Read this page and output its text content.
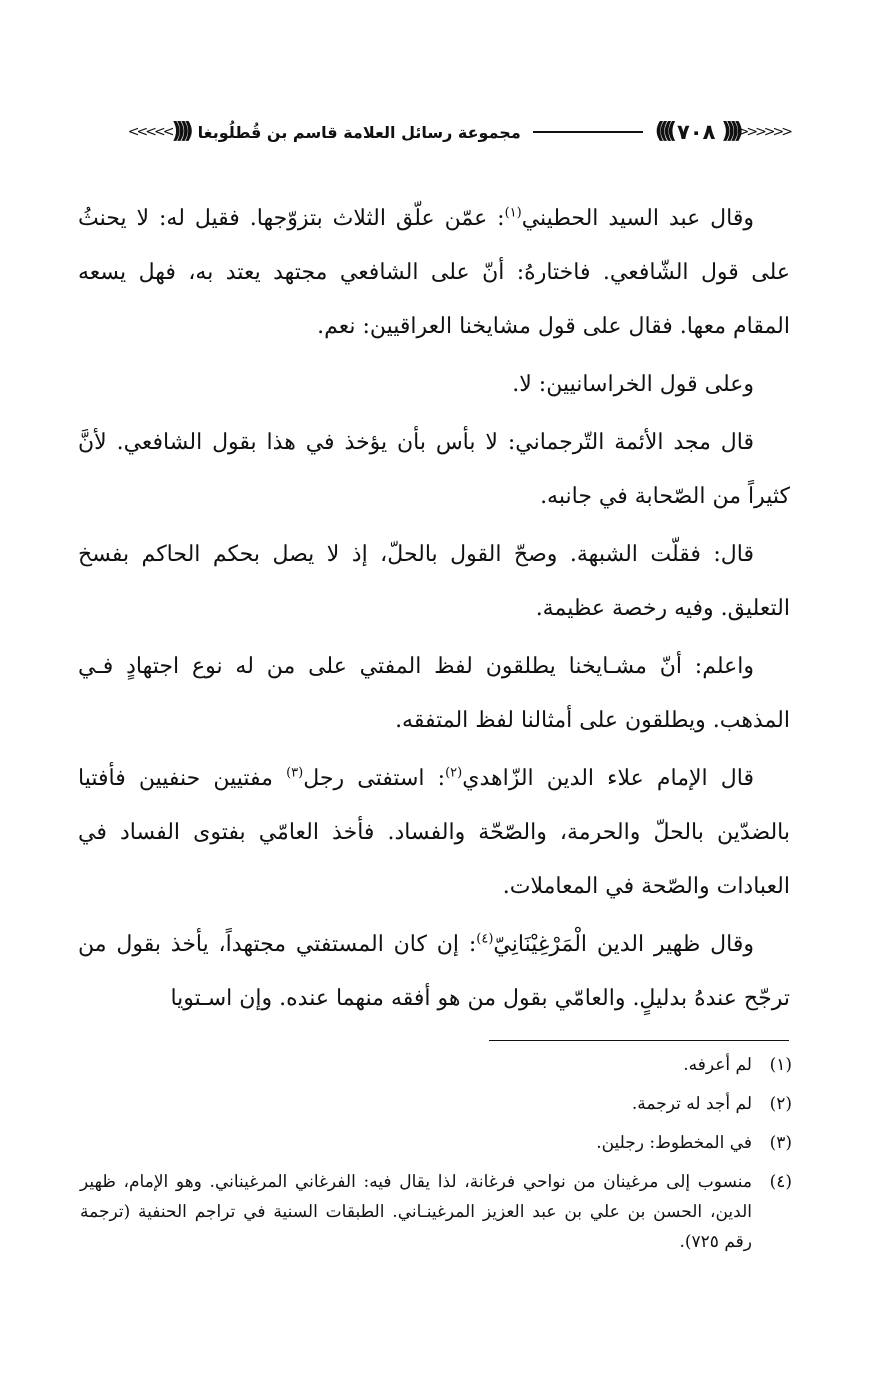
<<<<<<
((((
٧٠٨
))))
مجموعة رسائل العلامة قاسم بن قُطلُوبغا
((((
>>>>>

وقال عبد السيد الحطيني$^{(١)}$: عمّن علّق الثلاث بتزوّجها. فقيل له: لا يحنثُ على قول الشّافعي. فاختارهُ: أنّ على الشافعي مجتهد يعتد به، فهل يسعه المقام معها. فقال على قول مشايخنا العراقيين: نعم.

وعلى قول الخراسانيين: لا.

قال مجد الأئمة التّرجماني: لا بأس بأن يؤخذ في هذا بقول الشافعي. لأنَّ كثيراً من الصّحابة في جانبه.

قال: فقلّت الشبهة. وصحّ القول بالحلّ، إذ لا يصل بحكم الحاكم بفسخ التعليق. وفيه رخصة عظيمة.

واعلم: أنّ مشـايخنا يطلقون لفظ المفتي على من له نوع اجتهادٍ فـي المذهب. ويطلقون على أمثالنا لفظ المتفقه.

قال الإمام علاء الدين الزّاهدي$^{(٢)}$: استفتى رجل$^{(٣)}$ مفتيين حنفيين فأفتيا بالضدّين بالحلّ والحرمة، والصّحّة والفساد. فأخذ العامّي بفتوى الفساد في العبادات والصّحة في المعاملات.

وقال ظهير الدين الْمَرْغِيْنَانِيّ$^{(٤)}$: إن كان المستفتي مجتهداً، يأخذ بقول من ترجّح عندهُ بدليلٍ. والعامّي بقول من هو أفقه منهما عنده. وإن اسـتويا

(١)
لم أعرفه.
(٢)
لم أجد له ترجمة.
(٣)
في المخطوط: رجلين.
(٤)
منسوب إلى مرغينان من نواحي فرغانة، لذا يقال فيه: الفرغاني المرغيناني. وهو الإمام، ظهير الدين، الحسن بن علي بن عبد العزيز المرغينـاني. الطبقات السنية في تراجم الحنفية (ترجمة رقم ٧٢٥).
